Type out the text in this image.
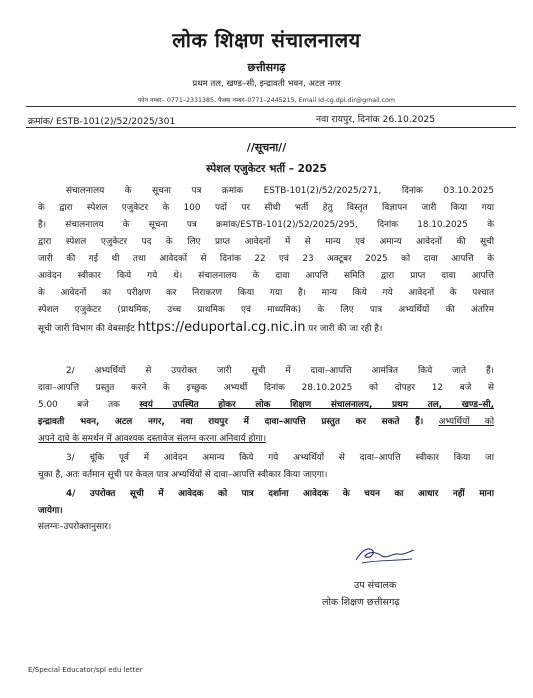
लोक शिक्षण संचालनालय
छत्तीसगढ़
प्रथम तल, खण्ड–सी, इन्द्रावती भवन, अटल नगर
फोन नम्बर– 0771–2331385, फैक्स नम्बर–0771–2445215, Email Id-cg.dpi.dir@gmail.com
क्रमांक/ ESTB-101(2)/52/2025/301	नवा रायपुर, दिनांक 26.10.2025
//सूचना//
स्पेशल एजुकेटर भर्ती – 2025
संचालनालय के सूचना पत्र क्रमांक ESTB-101(2)/52/2025/271, दिनांक 03.10.2025
के द्वारा स्पेशल एजुकेटर के 100 पदों पर सीधी भर्ती हेतु विस्तृत विज्ञापन जारी किया गया
है। संचालनालय के सूचना पत्र क्रमांक/ESTB-101(2)/52/2025/295, दिनांक 18.10.2025 के
द्वारा स्पेशल एजुकेटर पद के लिए प्राप्त आवेदनों में से मान्य एवं अमान्य आवेदनों की सूची
जारी की गई थी तथा आवेदकों से दिनांक 22 एवं 23 अक्टूबर 2025 को दावा आपत्ति के
आवेदन स्वीकार किये गये थे। संचालनालय के दावा आपत्ति समिति द्वारा प्राप्त दावा आपत्ति
के आवेदनों का परीक्षण कर निराकरण किया गया है। मान्य किये गये आवेदनों के पश्चात
स्पेशल एजुकेटर (प्राथमिक, उच्च प्राथमिक एवं माध्यमिक) के लिए पात्र अभ्यर्थियों की अंतरिम
सूची जारी विभाग की वेबसाईट https://eduportal.cg.nic.in पर जारी की जा रही है।
2/ अभ्यर्थियों से उपरोक्त जारी सूची में दावा–आपत्ति आमंत्रित किये जाते हैं।
दावा–आपत्ति प्रस्तुत करने के इच्छुक अभ्यर्थी दिनांक 28.10.2025 को दोपहर 12 बजे से
5.00 बजे तक स्वयं उपस्थित होकर लोक शिक्षण संचालनालय, प्रथम तल, खण्ड–सी,
इन्द्रावती भवन, अटल नगर, नवा रायपुर में दावा–आपत्ति प्रस्तुत कर सकते हैं। अभ्यर्थियों को
अपने दावे के समर्थन में आवश्यक दस्तावेज संलग्न करना अनिवार्य होगा।
3/ चूंकि पूर्व में आवेदन अमान्य किये गये अभ्यर्थियों से दावा–आपत्ति स्वीकार किया जा
चुका है, अतः वर्तमान सूची पर केवल पात्र अभ्यर्थियों से दावा–आपत्ति स्वीकार किया जाएगा।
4/ उपरोक्त सूची में आवेदक को पात्र दर्शाना आवेदक के चयन का आधार नहीं माना
जायेगा।
संलग्नः–उपरोक्तानुसार।
उप संचालक
लोक शिक्षण छत्तीसगढ़
E/Special Educator/spl edu letter
